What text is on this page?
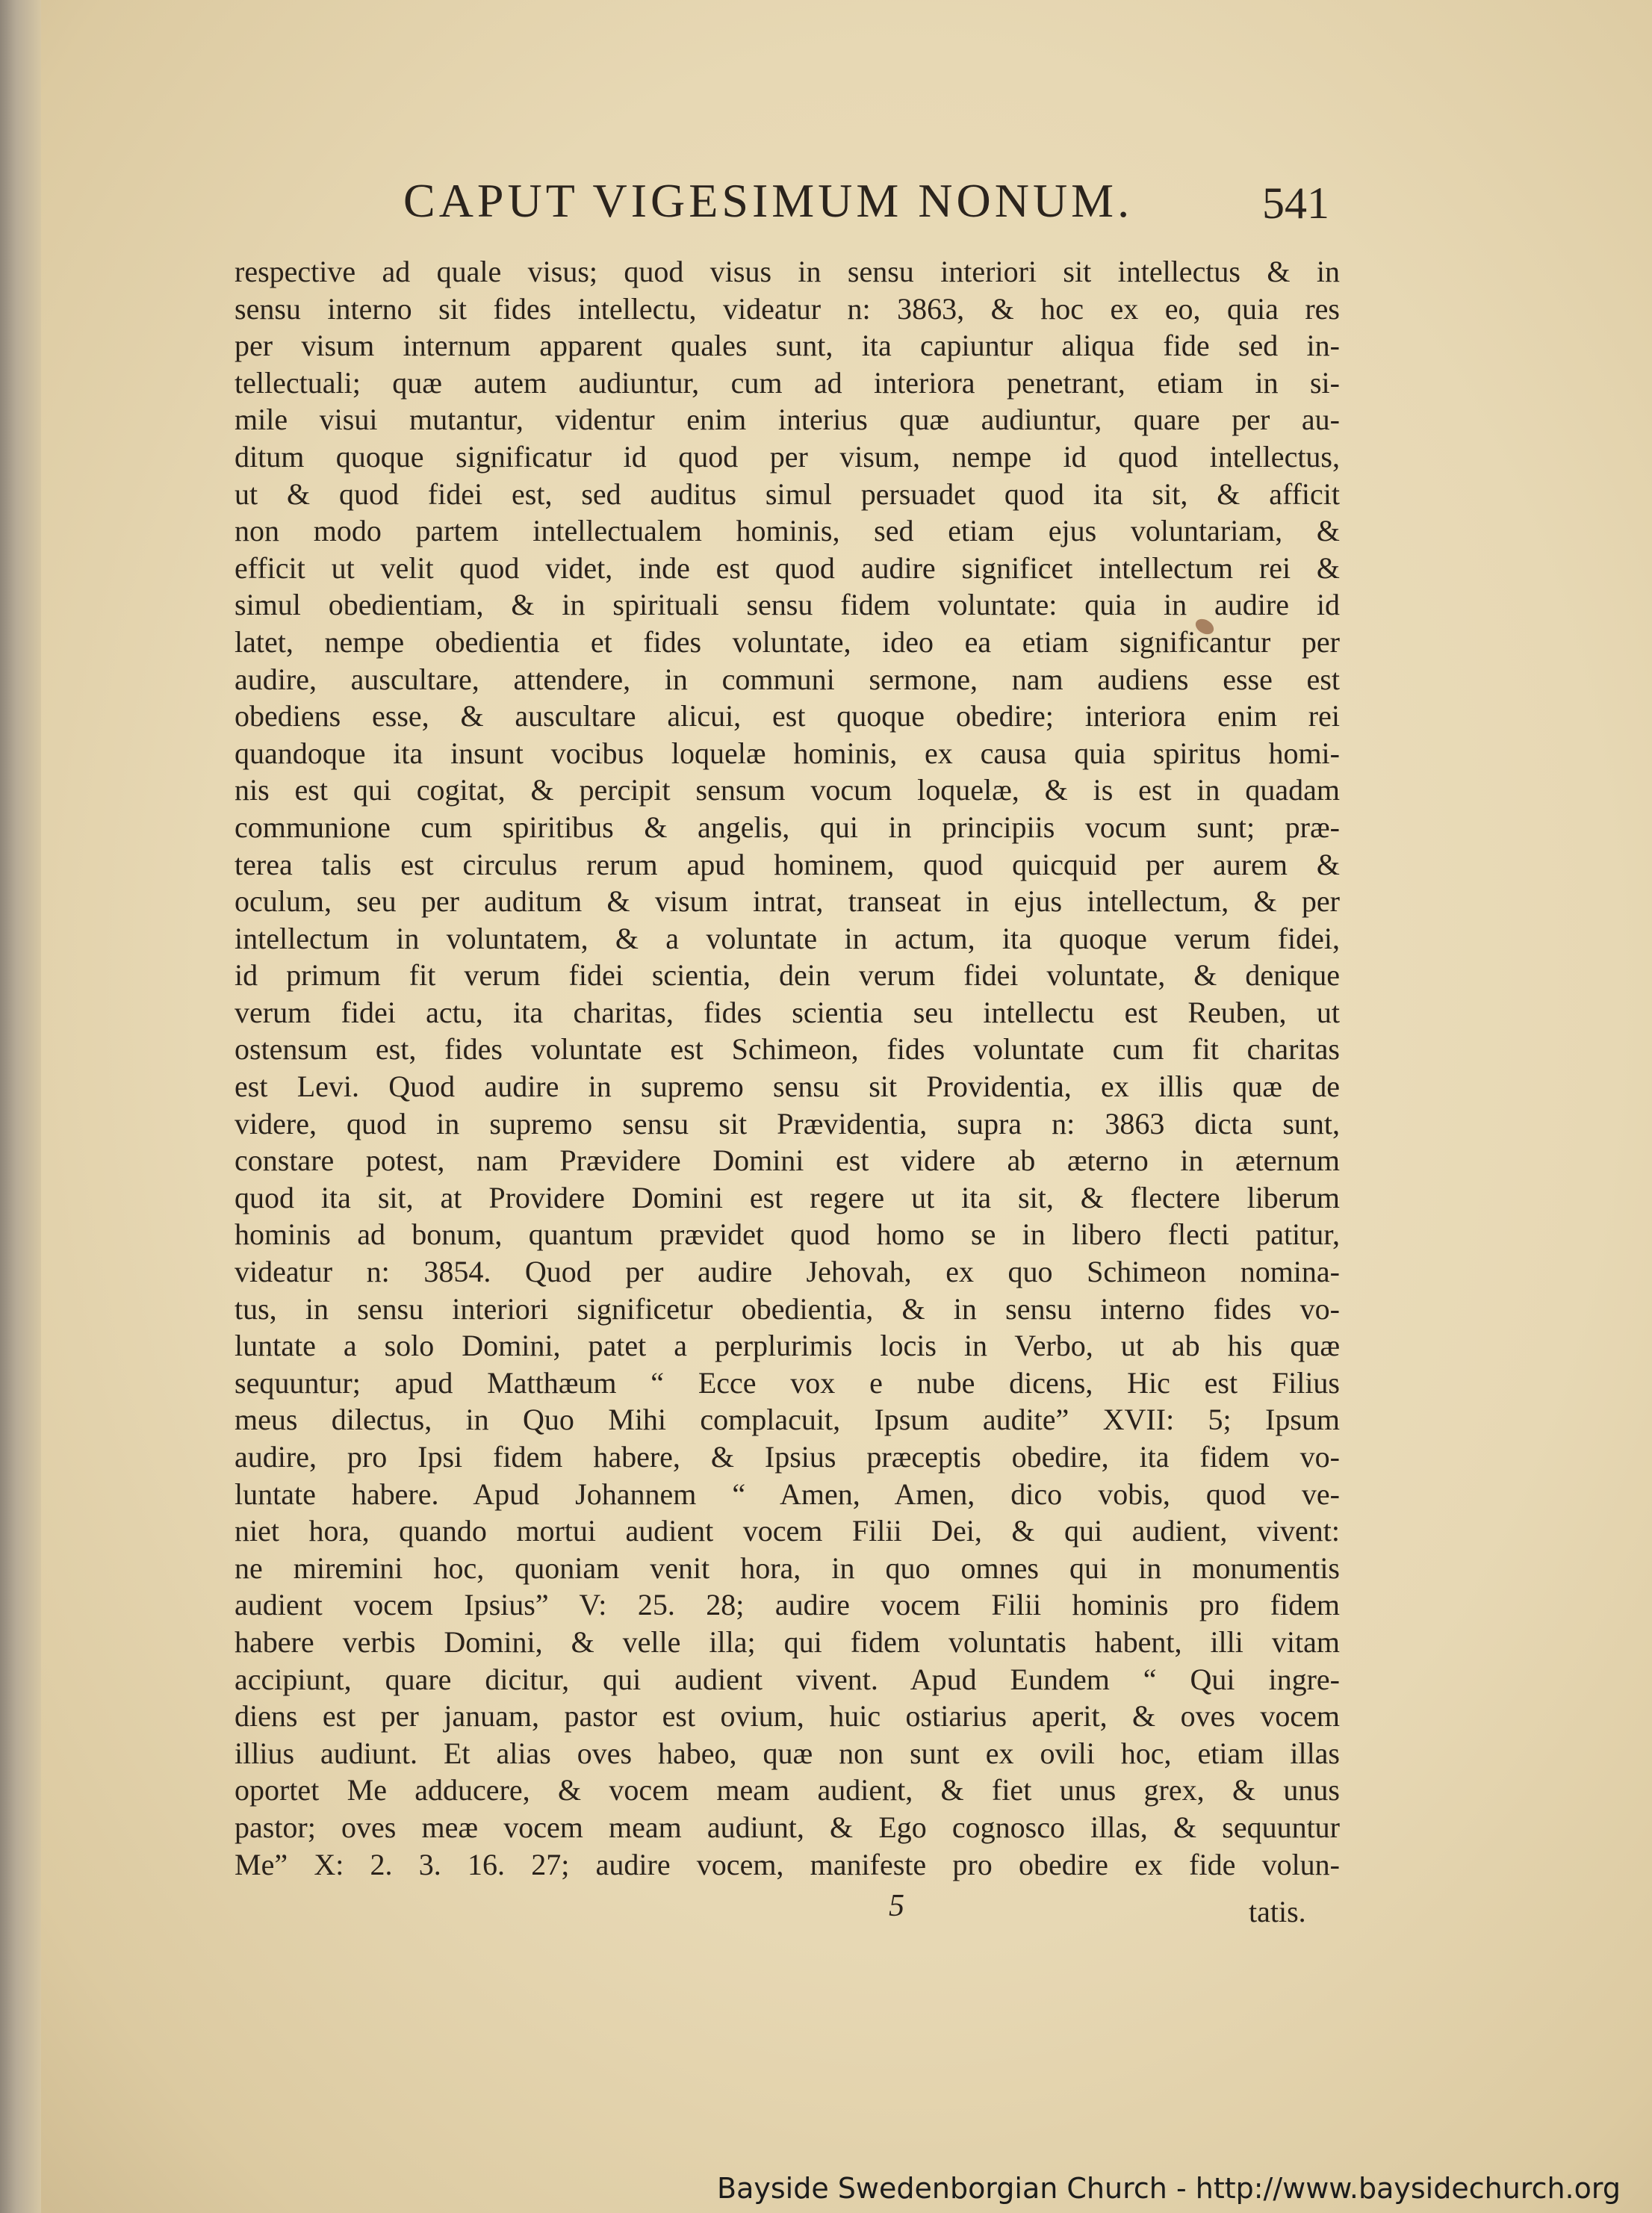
CAPUT VIGESIMUM NONUM.	541
respective ad quale visus; quod visus in sensu interiori sit intellectus & in
sensu interno sit fides intellectu, videatur n: 3863, & hoc ex eo, quia res
per visum internum apparent quales sunt, ita capiuntur aliqua fide sed in-
tellectuali; quæ autem audiuntur, cum ad interiora penetrant, etiam in si-
mile visui mutantur, videntur enim interius quæ audiuntur, quare per au-
ditum quoque significatur id quod per visum, nempe id quod intellectus,
ut & quod fidei est, sed auditus simul persuadet quod ita sit, & afficit
non modo partem intellectualem hominis, sed etiam ejus voluntariam, &
efficit ut velit quod videt, inde est quod audire significet intellectum rei &
simul obedientiam, & in spirituali sensu fidem voluntate: quia in audire id
latet, nempe obedientia et fides voluntate, ideo ea etiam significantur per
audire, auscultare, attendere, in communi sermone, nam audiens esse est
obediens esse, & auscultare alicui, est quoque obedire; interiora enim rei
quandoque ita insunt vocibus loquelæ hominis, ex causa quia spiritus homi-
nis est qui cogitat, & percipit sensum vocum loquelæ, & is est in quadam
communione cum spiritibus & angelis, qui in principiis vocum sunt; præ-
terea talis est circulus rerum apud hominem, quod quicquid per aurem &
oculum, seu per auditum & visum intrat, transeat in ejus intellectum, & per
intellectum in voluntatem, & a voluntate in actum, ita quoque verum fidei,
id primum fit verum fidei scientia, dein verum fidei voluntate, & denique
verum fidei actu, ita charitas, fides scientia seu intellectu est Reuben, ut
ostensum est, fides voluntate est Schimeon, fides voluntate cum fit charitas
est Levi. Quod audire in supremo sensu sit Providentia, ex illis quæ de
videre, quod in supremo sensu sit Prævidentia, supra n: 3863 dicta sunt,
constare potest, nam Prævidere Domini est videre ab æterno in æternum
quod ita sit, at Providere Domini est regere ut ita sit, & flectere liberum
hominis ad bonum, quantum prævidet quod homo se in libero flecti patitur,
videatur n: 3854. Quod per audire Jehovah, ex quo Schimeon nomina-
tus, in sensu interiori significetur obedientia, & in sensu interno fides vo-
luntate a solo Domini, patet a perplurimis locis in Verbo, ut ab his quæ
sequuntur; apud Matthæum “ Ecce vox e nube dicens, Hic est Filius
meus dilectus, in Quo Mihi complacuit, Ipsum audite” XVII: 5; Ipsum
audire, pro Ipsi fidem habere, & Ipsius præceptis obedire, ita fidem vo-
luntate habere. Apud Johannem “ Amen, Amen, dico vobis, quod ve-
niet hora, quando mortui audient vocem Filii Dei, & qui audient, vivent:
ne miremini hoc, quoniam venit hora, in quo omnes qui in monumentis
audient vocem Ipsius” V: 25. 28; audire vocem Filii hominis pro fidem
habere verbis Domini, & velle illa; qui fidem voluntatis habent, illi vitam
accipiunt, quare dicitur, qui audient vivent. Apud Eundem “ Qui ingre-
diens est per januam, pastor est ovium, huic ostiarius aperit, & oves vocem
illius audiunt. Et alias oves habeo, quæ non sunt ex ovili hoc, etiam illas
oportet Me adducere, & vocem meam audient, & fiet unus grex, & unus
pastor; oves meæ vocem meam audiunt, & Ego cognosco illas, & sequuntur
Me” X: 2. 3. 16. 27; audire vocem, manifeste pro obedire ex fide volun-
5	tatis.
Bayside Swedenborgian Church - http://www.baysidechurch.org
